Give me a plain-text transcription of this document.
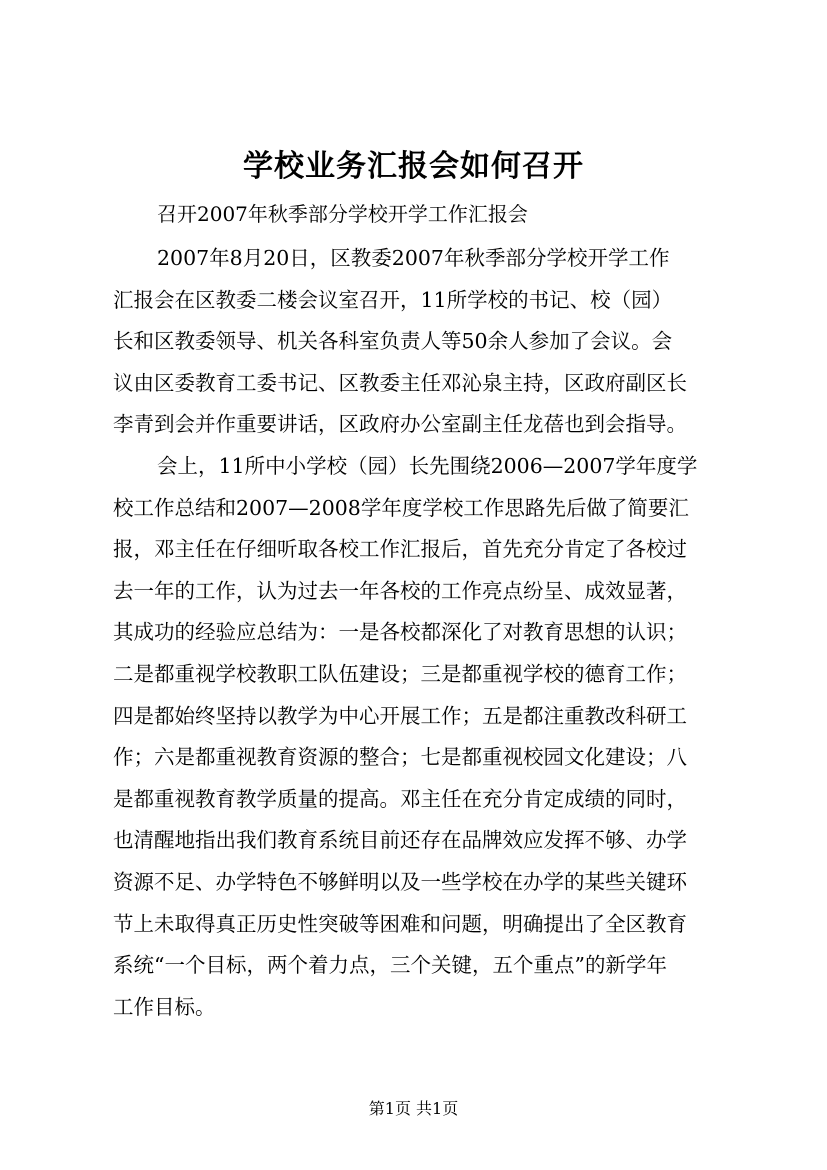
学校业务汇报会如何召开
召开2007年秋季部分学校开学工作汇报会
2007年8月20日，区教委2007年秋季部分学校开学工作
汇报会在区教委二楼会议室召开，11所学校的书记、校（园）
长和区教委领导、机关各科室负责人等50余人参加了会议。会
议由区委教育工委书记、区教委主任邓沁泉主持，区政府副区长
李青到会并作重要讲话，区政府办公室副主任龙蓓也到会指导。
会上，11所中小学校（园）长先围绕2006—2007学年度学
校工作总结和2007—2008学年度学校工作思路先后做了简要汇
报，邓主任在仔细听取各校工作汇报后，首先充分肯定了各校过
去一年的工作，认为过去一年各校的工作亮点纷呈、成效显著，
其成功的经验应总结为：一是各校都深化了对教育思想的认识；
二是都重视学校教职工队伍建设；三是都重视学校的德育工作；
四是都始终坚持以教学为中心开展工作；五是都注重教改科研工
作；六是都重视教育资源的整合；七是都重视校园文化建设；八
是都重视教育教学质量的提高。邓主任在充分肯定成绩的同时，
也清醒地指出我们教育系统目前还存在品牌效应发挥不够、办学
资源不足、办学特色不够鲜明以及一些学校在办学的某些关键环
节上未取得真正历史性突破等困难和问题，明确提出了全区教育
系统“一个目标，两个着力点，三个关键，五个重点”的新学年
工作目标。
第1页 共1页
